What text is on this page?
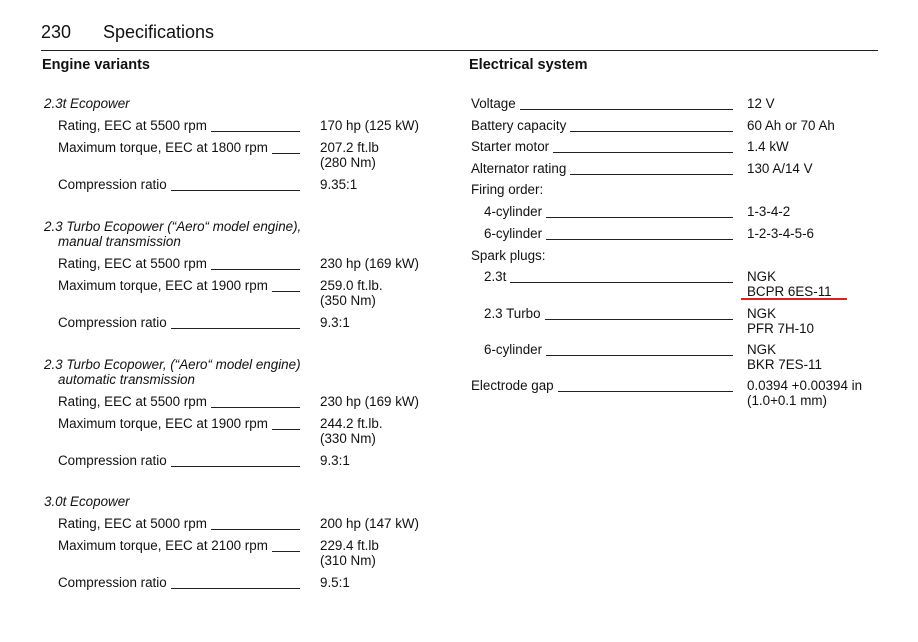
230 Specifications
Engine variants
2.3t Ecopower
Rating, EEC at 5500 rpm	170 hp (125 kW)
Maximum torque, EEC at 1800 rpm	207.2 ft.lb
(280 Nm)
Compression ratio	9.35:1
2.3 Turbo Ecopower (“Aero“ model engine),
manual transmission
Rating, EEC at 5500 rpm	230 hp (169 kW)
Maximum torque, EEC at 1900 rpm	259.0 ft.lb.
(350 Nm)
Compression ratio	9.3:1
2.3 Turbo Ecopower, (“Aero“ model engine)
automatic transmission
Rating, EEC at 5500 rpm	230 hp (169 kW)
Maximum torque, EEC at 1900 rpm	244.2 ft.lb.
(330 Nm)
Compression ratio	9.3:1
3.0t Ecopower
Rating, EEC at 5000 rpm	200 hp (147 kW)
Maximum torque, EEC at 2100 rpm	229.4 ft.lb
(310 Nm)
Compression ratio	9.5:1
Electrical system
Voltage	12 V
Battery capacity	60 Ah or 70 Ah
Starter motor	1.4 kW
Alternator rating	130 A/14 V
Firing order:
4-cylinder	1-3-4-2
6-cylinder	1-2-3-4-5-6
Spark plugs:
2.3t	NGK
BCPR 6ES-11
2.3 Turbo	NGK
PFR 7H-10
6-cylinder	NGK
BKR 7ES-11
Electrode gap	0.0394 +0.00394 in
(1.0+0.1 mm)
